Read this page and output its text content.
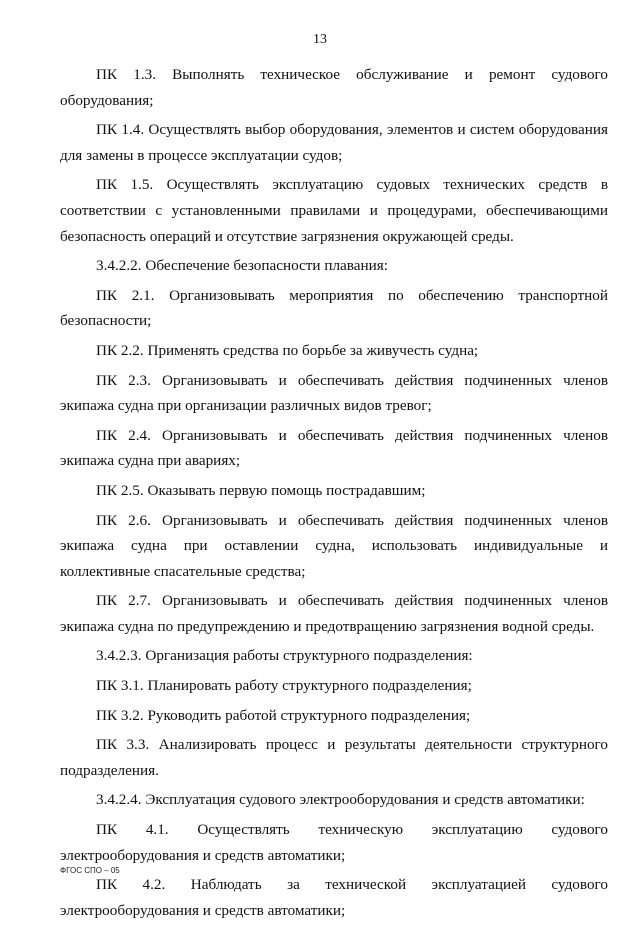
13

ПК 1.3. Выполнять техническое обслуживание и ремонт судового оборудования;

ПК 1.4. Осуществлять выбор оборудования, элементов и систем оборудования для замены в процессе эксплуатации судов;

ПК 1.5. Осуществлять эксплуатацию судовых технических средств в соответствии с установленными правилами и процедурами, обеспечивающими безопасность операций и отсутствие загрязнения окружающей среды.

3.4.2.2. Обеспечение безопасности плавания:

ПК 2.1. Организовывать мероприятия по обеспечению транспортной безопасности;

ПК 2.2. Применять средства по борьбе за живучесть судна;

ПК 2.3. Организовывать и обеспечивать действия подчиненных членов экипажа судна при организации различных видов тревог;

ПК 2.4. Организовывать и обеспечивать действия подчиненных членов экипажа судна при авариях;

ПК 2.5. Оказывать первую помощь пострадавшим;

ПК 2.6. Организовывать и обеспечивать действия подчиненных членов экипажа судна при оставлении судна, использовать индивидуальные и коллективные спасательные средства;

ПК 2.7. Организовывать и обеспечивать действия подчиненных членов экипажа судна по предупреждению и предотвращению загрязнения водной среды.

3.4.2.3. Организация работы структурного подразделения:

ПК 3.1. Планировать работу структурного подразделения;

ПК 3.2. Руководить работой структурного подразделения;

ПК 3.3. Анализировать процесс и результаты деятельности структурного подразделения.

3.4.2.4. Эксплуатация судового электрооборудования и средств автоматики:

ПК 4.1. Осуществлять техническую эксплуатацию судового электрооборудования и средств автоматики;

ПК 4.2. Наблюдать за технической эксплуатацией судового электрооборудования и средств автоматики;

ФГОС СПО – 05
